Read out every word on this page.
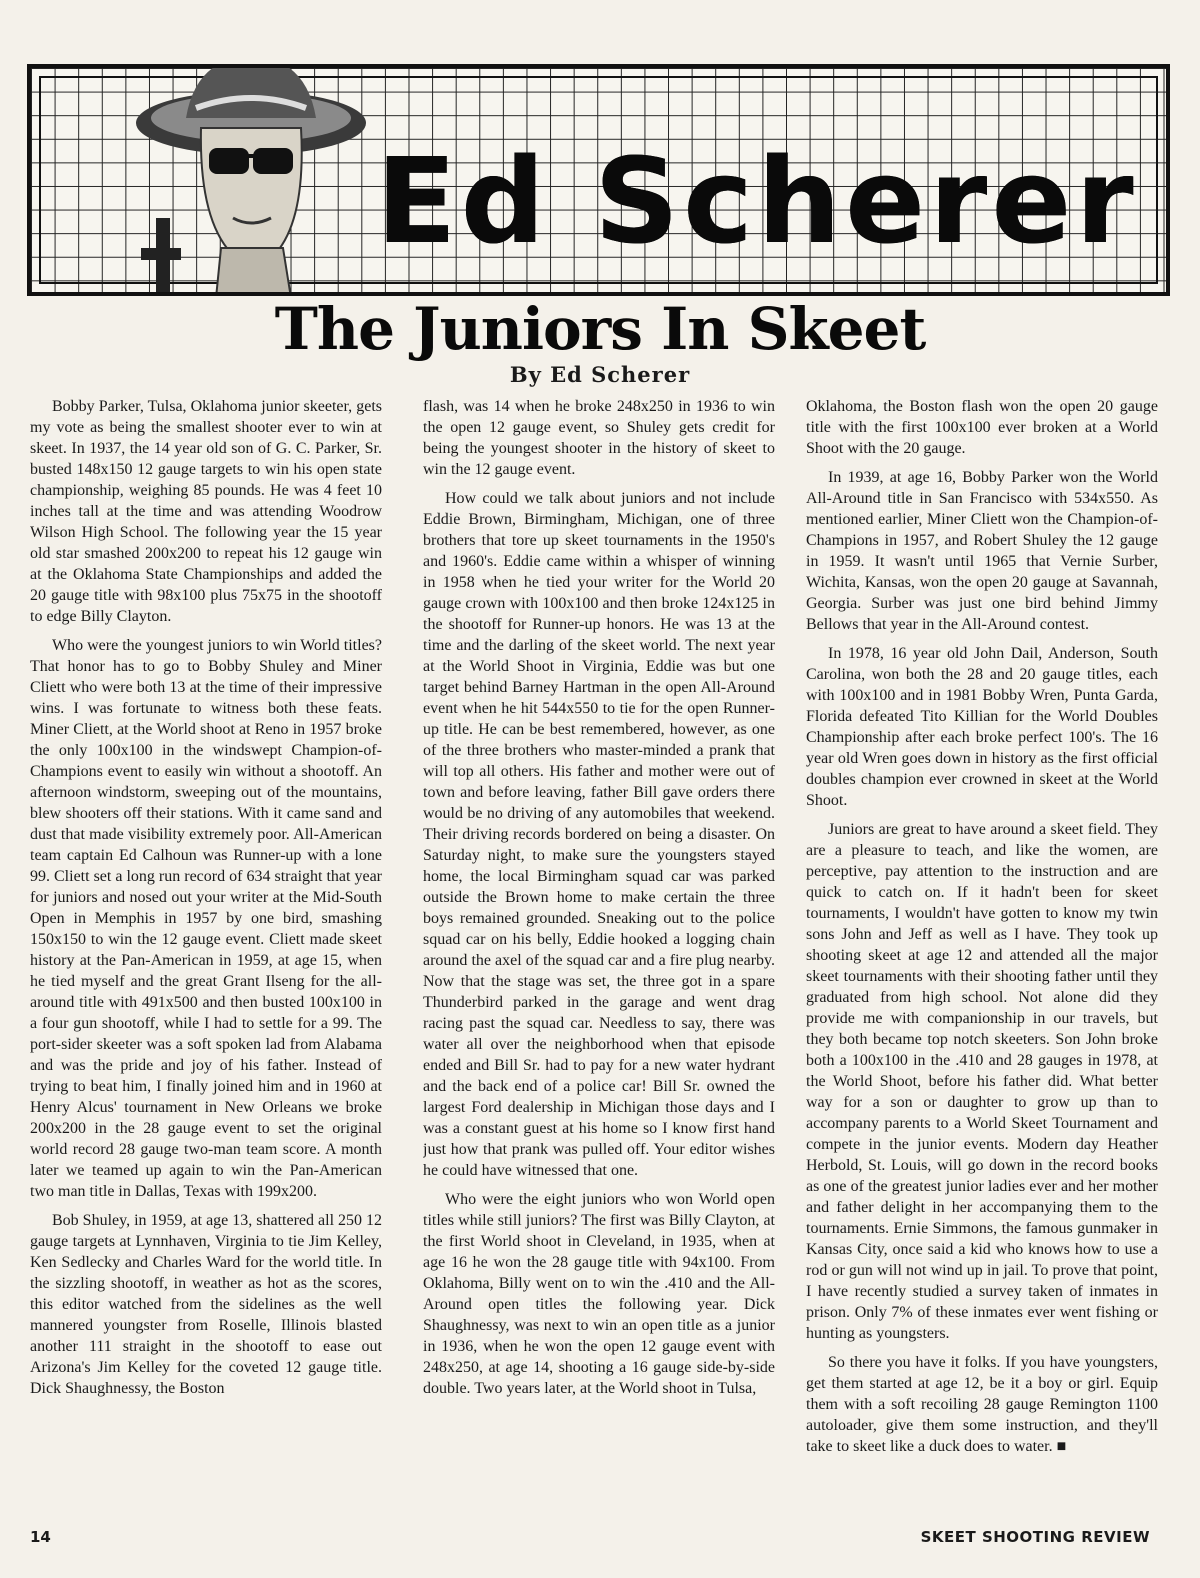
Ed Scherer
The Juniors In Skeet
By Ed Scherer

Bobby Parker, Tulsa, Oklahoma junior skeeter, gets my vote as being the smallest shooter ever to win at skeet. In 1937, the 14 year old son of G. C. Parker, Sr. busted 148x150 12 gauge targets to win his open state championship, weighing 85 pounds. He was 4 feet 10 inches tall at the time and was attending Woodrow Wilson High School. The following year the 15 year old star smashed 200x200 to repeat his 12 gauge win at the Oklahoma State Championships and added the 20 gauge title with 98x100 plus 75x75 in the shootoff to edge Billy Clayton.

Who were the youngest juniors to win World titles? That honor has to go to Bobby Shuley and Miner Cliett who were both 13 at the time of their impressive wins. I was fortunate to witness both these feats. Miner Cliett, at the World shoot at Reno in 1957 broke the only 100x100 in the windswept Champion-of-Champions event to easily win without a shootoff. An afternoon windstorm, sweeping out of the mountains, blew shooters off their stations. With it came sand and dust that made visibility extremely poor. All-American team captain Ed Calhoun was Runner-up with a lone 99. Cliett set a long run record of 634 straight that year for juniors and nosed out your writer at the Mid-South Open in Memphis in 1957 by one bird, smashing 150x150 to win the 12 gauge event. Cliett made skeet history at the Pan-American in 1959, at age 15, when he tied myself and the great Grant Ilseng for the all-around title with 491x500 and then busted 100x100 in a four gun shootoff, while I had to settle for a 99. The port-sider skeeter was a soft spoken lad from Alabama and was the pride and joy of his father. Instead of trying to beat him, I finally joined him and in 1960 at Henry Alcus' tournament in New Orleans we broke 200x200 in the 28 gauge event to set the original world record 28 gauge two-man team score. A month later we teamed up again to win the Pan-American two man title in Dallas, Texas with 199x200.

Bob Shuley, in 1959, at age 13, shattered all 250 12 gauge targets at Lynnhaven, Virginia to tie Jim Kelley, Ken Sedlecky and Charles Ward for the world title. In the sizzling shootoff, in weather as hot as the scores, this editor watched from the sidelines as the well mannered youngster from Roselle, Illinois blasted another 111 straight in the shootoff to ease out Arizona's Jim Kelley for the coveted 12 gauge title. Dick Shaughnessy, the Boston

flash, was 14 when he broke 248x250 in 1936 to win the open 12 gauge event, so Shuley gets credit for being the youngest shooter in the history of skeet to win the 12 gauge event.

How could we talk about juniors and not include Eddie Brown, Birmingham, Michigan, one of three brothers that tore up skeet tournaments in the 1950's and 1960's. Eddie came within a whisper of winning in 1958 when he tied your writer for the World 20 gauge crown with 100x100 and then broke 124x125 in the shootoff for Runner-up honors. He was 13 at the time and the darling of the skeet world. The next year at the World Shoot in Virginia, Eddie was but one target behind Barney Hartman in the open All-Around event when he hit 544x550 to tie for the open Runner-up title. He can be best remembered, however, as one of the three brothers who master-minded a prank that will top all others. His father and mother were out of town and before leaving, father Bill gave orders there would be no driving of any automobiles that weekend. Their driving records bordered on being a disaster. On Saturday night, to make sure the youngsters stayed home, the local Birmingham squad car was parked outside the Brown home to make certain the three boys remained grounded. Sneaking out to the police squad car on his belly, Eddie hooked a logging chain around the axel of the squad car and a fire plug nearby. Now that the stage was set, the three got in a spare Thunderbird parked in the garage and went drag racing past the squad car. Needless to say, there was water all over the neighborhood when that episode ended and Bill Sr. had to pay for a new water hydrant and the back end of a police car! Bill Sr. owned the largest Ford dealership in Michigan those days and I was a constant guest at his home so I know first hand just how that prank was pulled off. Your editor wishes he could have witnessed that one.

Who were the eight juniors who won World open titles while still juniors? The first was Billy Clayton, at the first World shoot in Cleveland, in 1935, when at age 16 he won the 28 gauge title with 94x100. From Oklahoma, Billy went on to win the .410 and the All-Around open titles the following year. Dick Shaughnessy, was next to win an open title as a junior in 1936, when he won the open 12 gauge event with 248x250, at age 14, shooting a 16 gauge side-by-side double. Two years later, at the World shoot in Tulsa,

Oklahoma, the Boston flash won the open 20 gauge title with the first 100x100 ever broken at a World Shoot with the 20 gauge.

In 1939, at age 16, Bobby Parker won the World All-Around title in San Francisco with 534x550. As mentioned earlier, Miner Cliett won the Champion-of-Champions in 1957, and Robert Shuley the 12 gauge in 1959. It wasn't until 1965 that Vernie Surber, Wichita, Kansas, won the open 20 gauge at Savannah, Georgia. Surber was just one bird behind Jimmy Bellows that year in the All-Around contest.

In 1978, 16 year old John Dail, Anderson, South Carolina, won both the 28 and 20 gauge titles, each with 100x100 and in 1981 Bobby Wren, Punta Garda, Florida defeated Tito Killian for the World Doubles Championship after each broke perfect 100's. The 16 year old Wren goes down in history as the first official doubles champion ever crowned in skeet at the World Shoot.

Juniors are great to have around a skeet field. They are a pleasure to teach, and like the women, are perceptive, pay attention to the instruction and are quick to catch on. If it hadn't been for skeet tournaments, I wouldn't have gotten to know my twin sons John and Jeff as well as I have. They took up shooting skeet at age 12 and attended all the major skeet tournaments with their shooting father until they graduated from high school. Not alone did they provide me with companionship in our travels, but they both became top notch skeeters. Son John broke both a 100x100 in the .410 and 28 gauges in 1978, at the World Shoot, before his father did. What better way for a son or daughter to grow up than to accompany parents to a World Skeet Tournament and compete in the junior events. Modern day Heather Herbold, St. Louis, will go down in the record books as one of the greatest junior ladies ever and her mother and father delight in her accompanying them to the tournaments. Ernie Simmons, the famous gunmaker in Kansas City, once said a kid who knows how to use a rod or gun will not wind up in jail. To prove that point, I have recently studied a survey taken of inmates in prison. Only 7% of these inmates ever went fishing or hunting as youngsters.

So there you have it folks. If you have youngsters, get them started at age 12, be it a boy or girl. Equip them with a soft recoiling 28 gauge Remington 1100 autoloader, give them some instruction, and they'll take to skeet like a duck does to water. ■

14	SKEET SHOOTING REVIEW
